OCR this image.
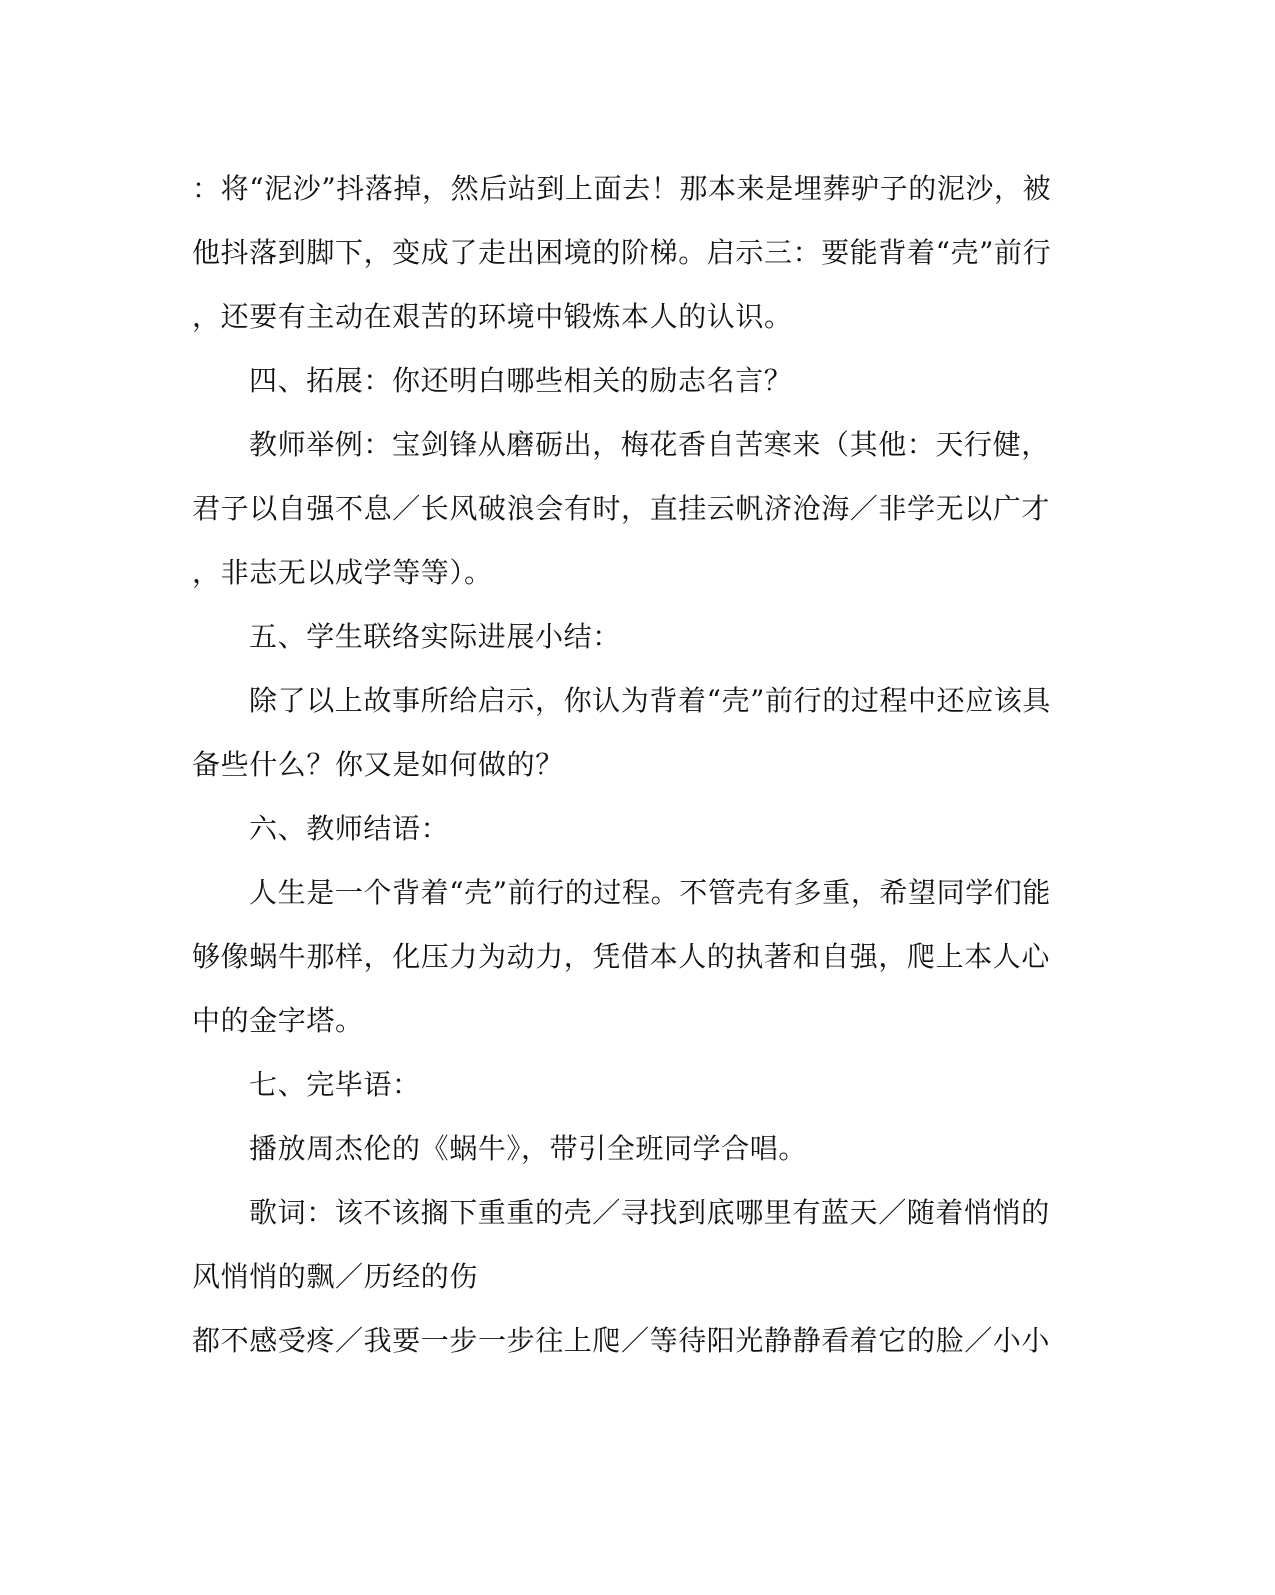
：将“泥沙”抖落掉，然后站到上面去！那本来是埋葬驴子的泥沙，被
他抖落到脚下，变成了走出困境的阶梯。启示三：要能背着“壳”前行
，还要有主动在艰苦的环境中锻炼本人的认识。
四、拓展：你还明白哪些相关的励志名言？
教师举例：宝剑锋从磨砺出，梅花香自苦寒来（其他：天行健，
君子以自强不息／长风破浪会有时，直挂云帆济沧海／非学无以广才
，非志无以成学等等）。
五、学生联络实际进展小结：
除了以上故事所给启示，你认为背着“壳”前行的过程中还应该具
备些什么？你又是如何做的？
六、教师结语：
人生是一个背着“壳”前行的过程。不管壳有多重，希望同学们能
够像蜗牛那样，化压力为动力，凭借本人的执著和自强，爬上本人心
中的金字塔。
七、完毕语：
播放周杰伦的《蜗牛》，带引全班同学合唱。
歌词：该不该搁下重重的壳／寻找到底哪里有蓝天／随着悄悄的
风悄悄的飘／历经的伤
都不感受疼／我要一步一步往上爬／等待阳光静静看着它的脸／小小
